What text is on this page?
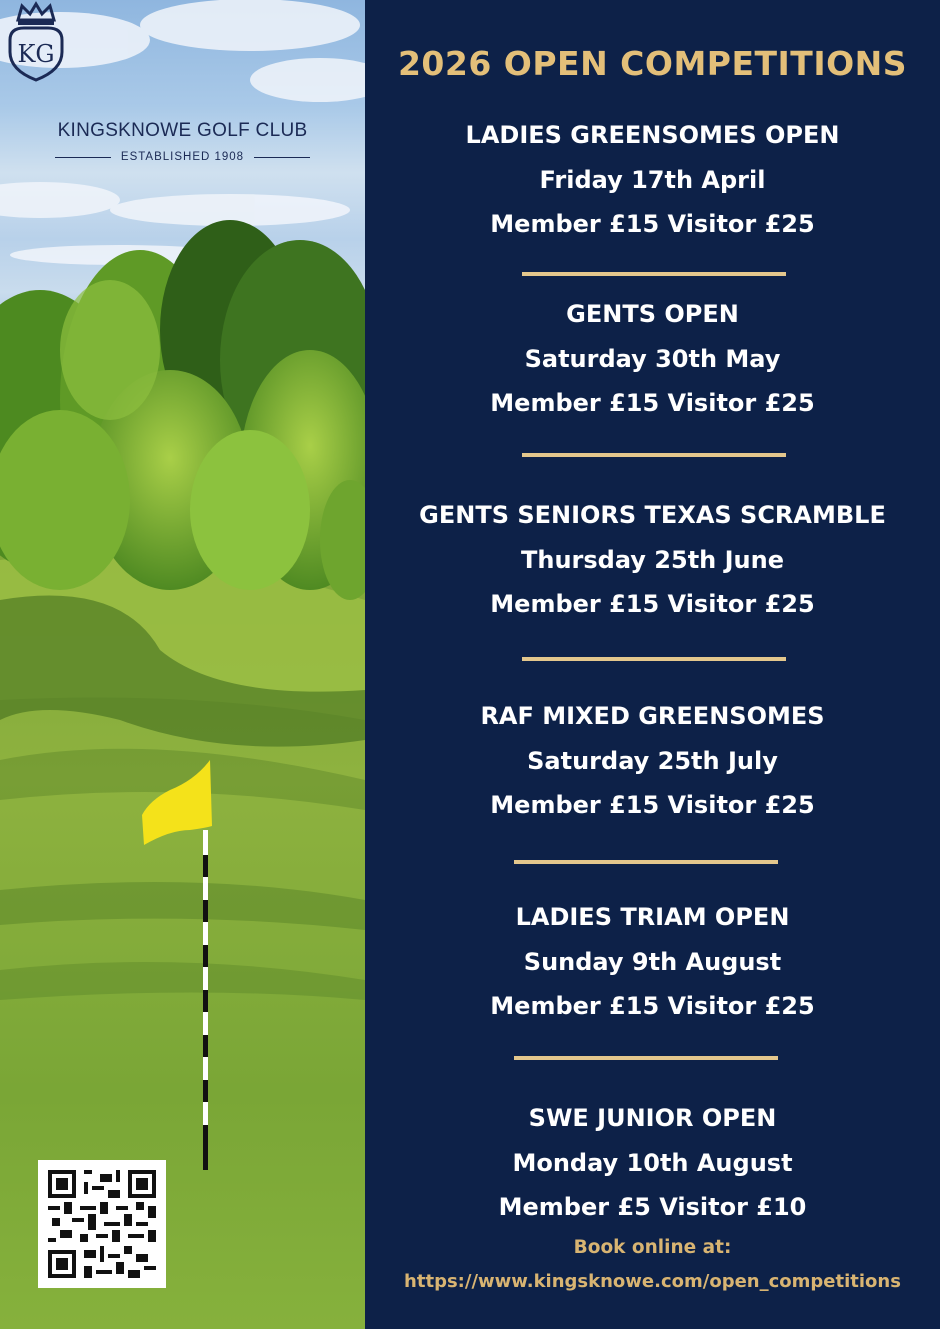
KG
KINGSKNOWE GOLF CLUB
ESTABLISHED 1908
2026 OPEN COMPETITIONS
LADIES GREENSOMES OPEN
Friday 17th April
Member £15 Visitor £25
GENTS OPEN
Saturday 30th May
Member £15 Visitor £25
GENTS SENIORS TEXAS SCRAMBLE
Thursday 25th June
Member £15 Visitor £25
RAF MIXED GREENSOMES
Saturday 25th July
Member £15 Visitor £25
LADIES TRIAM OPEN
Sunday 9th August
Member £15 Visitor £25
SWE JUNIOR OPEN
Monday 10th August
Member £5 Visitor £10
Book online at:
https://www.kingsknowe.com/open_competitions
